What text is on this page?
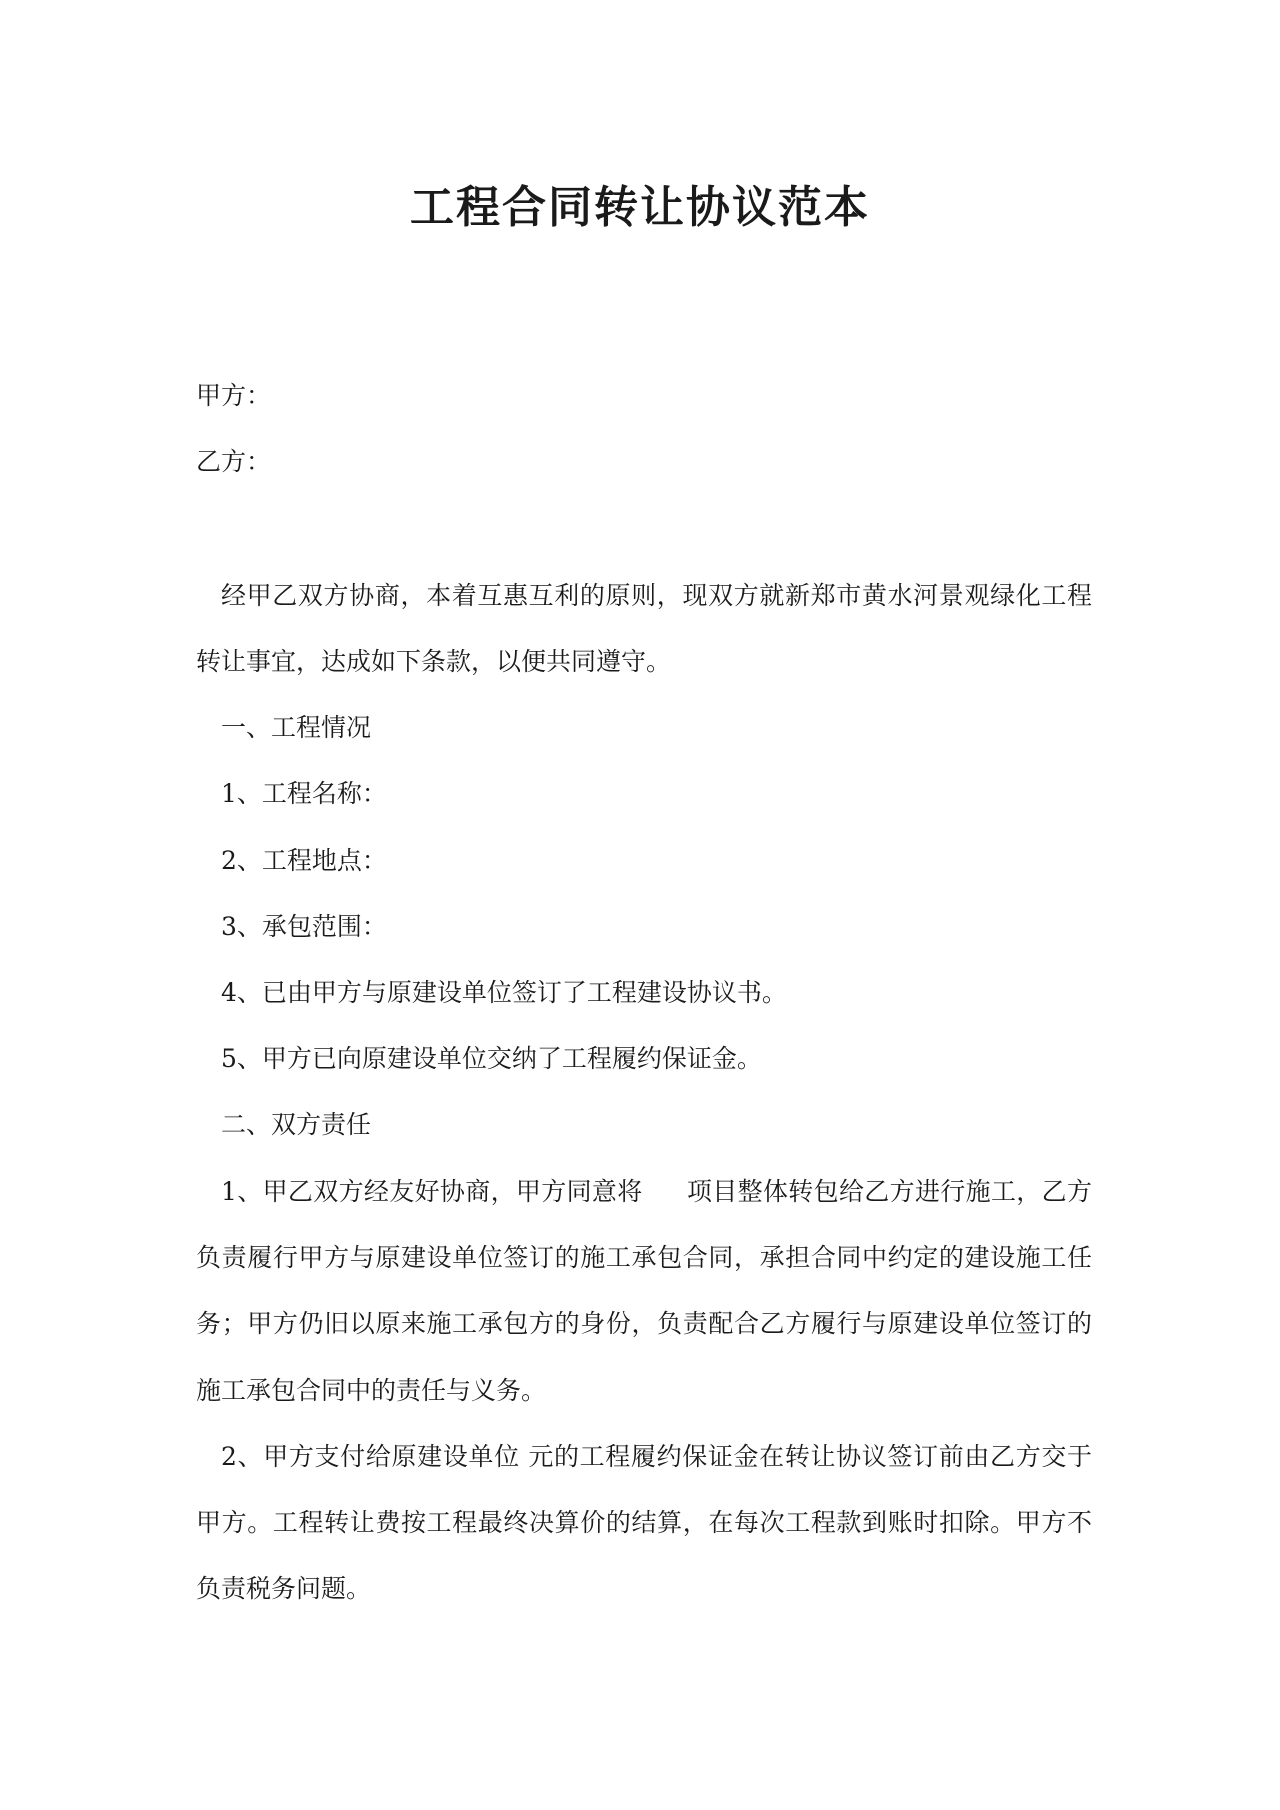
工程合同转让协议范本
甲方：
乙方：
经甲乙双方协商，本着互惠互利的原则，现双方就新郑市黄水河景观绿化工程
转让事宜，达成如下条款，以便共同遵守。
一、工程情况
1、工程名称：
2、工程地点：
3、承包范围：
4、已由甲方与原建设单位签订了工程建设协议书。
5、甲方已向原建设单位交纳了工程履约保证金。
二、双方责任
1、甲乙双方经友好协商，甲方同意将 项目整体转包给乙方进行施工，乙方
负责履行甲方与原建设单位签订的施工承包合同，承担合同中约定的建设施工任
务；甲方仍旧以原来施工承包方的身份，负责配合乙方履行与原建设单位签订的
施工承包合同中的责任与义务。
2、甲方支付给原建设单位 元的工程履约保证金在转让协议签订前由乙方交于
甲方。工程转让费按工程最终决算价的结算，在每次工程款到账时扣除。甲方不
负责税务问题。
